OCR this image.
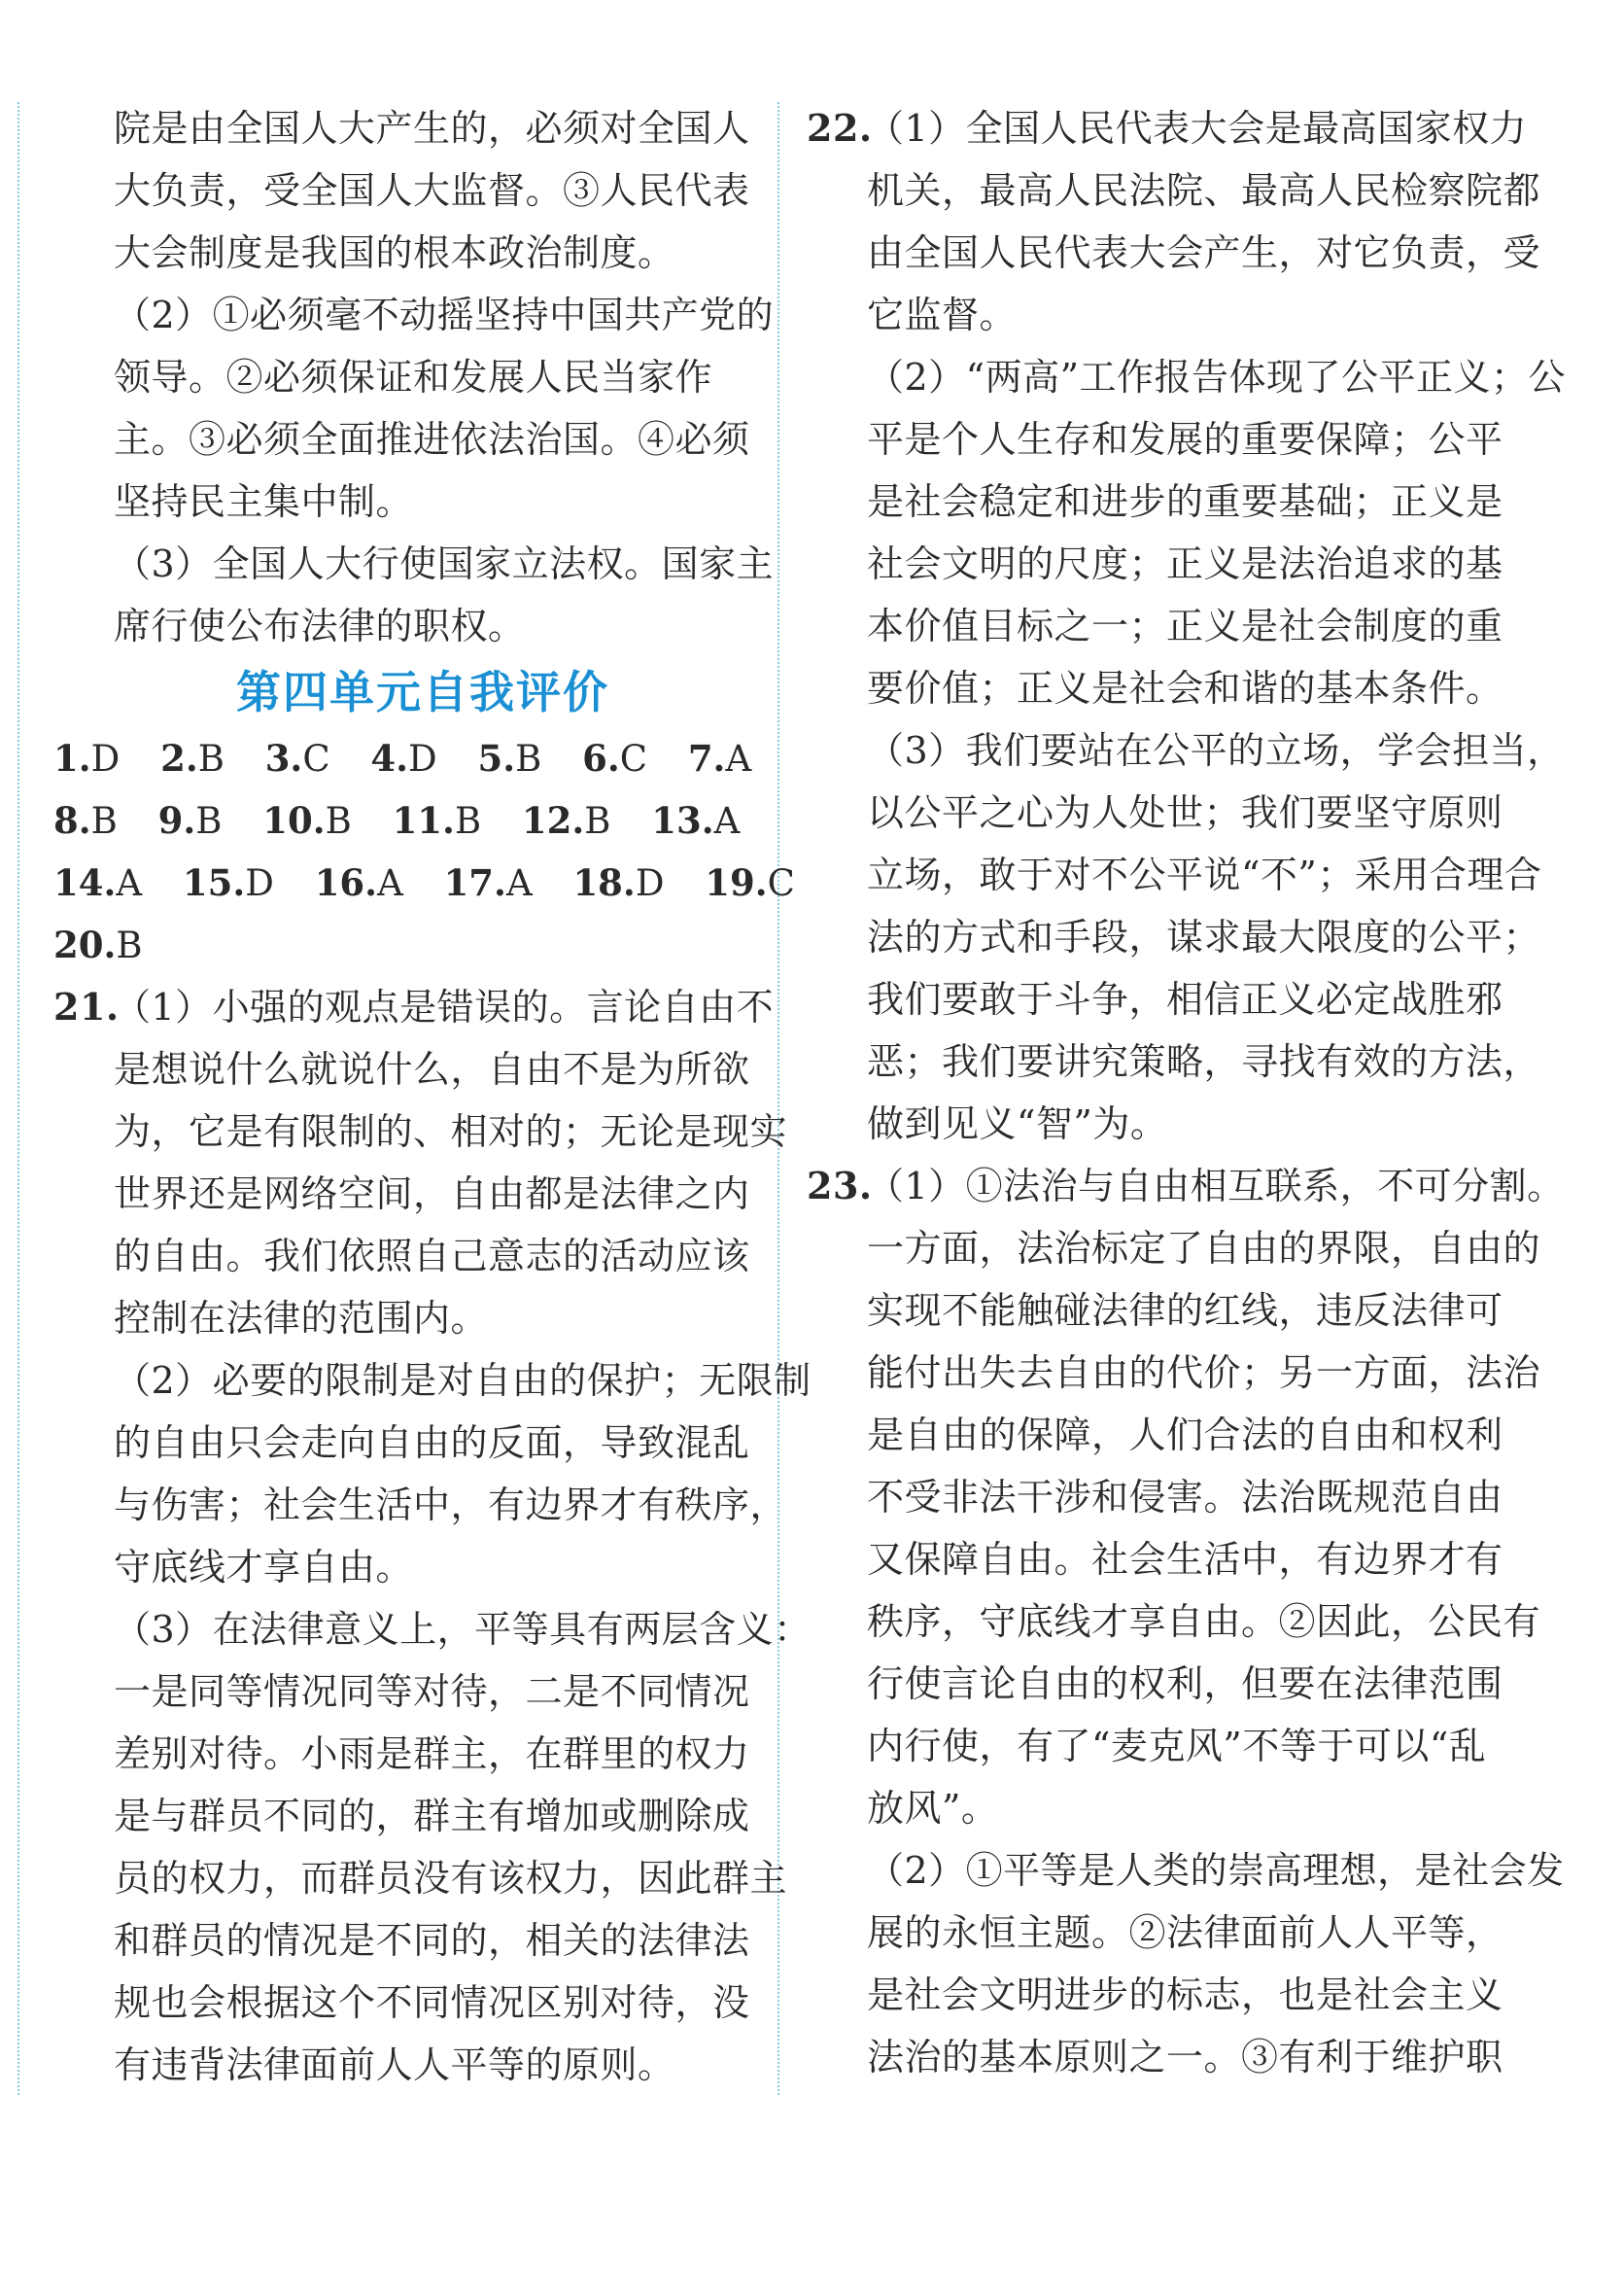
院是由全国人大产生的，必须对全国人
大负责，受全国人大监督。③人民代表
大会制度是我国的根本政治制度。
（2）①必须毫不动摇坚持中国共产党的
领导。②必须保证和发展人民当家作
主。③必须全面推进依法治国。④必须
坚持民主集中制。
（3）全国人大行使国家立法权。国家主
席行使公布法律的职权。
第四单元自我评价
1.D 2.B 3.C 4.D 5.B 6.C 7.A
8.B 9.B 10.B 11.B 12.B 13.A
14.A 15.D 16.A 17.A 18.D 19.C
20.B
21.（1）小强的观点是错误的。言论自由不
是想说什么就说什么，自由不是为所欲
为，它是有限制的、相对的；无论是现实
世界还是网络空间，自由都是法律之内
的自由。我们依照自己意志的活动应该
控制在法律的范围内。
（2）必要的限制是对自由的保护；无限制
的自由只会走向自由的反面，导致混乱
与伤害；社会生活中，有边界才有秩序，
守底线才享自由。
（3）在法律意义上，平等具有两层含义：
一是同等情况同等对待，二是不同情况
差别对待。小雨是群主，在群里的权力
是与群员不同的，群主有增加或删除成
员的权力，而群员没有该权力，因此群主
和群员的情况是不同的，相关的法律法
规也会根据这个不同情况区别对待，没
有违背法律面前人人平等的原则。
22.（1）全国人民代表大会是最高国家权力
机关，最高人民法院、最高人民检察院都
由全国人民代表大会产生，对它负责，受
它监督。
（2）“两高”工作报告体现了公平正义；公
平是个人生存和发展的重要保障；公平
是社会稳定和进步的重要基础；正义是
社会文明的尺度；正义是法治追求的基
本价值目标之一；正义是社会制度的重
要价值；正义是社会和谐的基本条件。
（3）我们要站在公平的立场，学会担当，
以公平之心为人处世；我们要坚守原则
立场，敢于对不公平说“不”；采用合理合
法的方式和手段，谋求最大限度的公平；
我们要敢于斗争，相信正义必定战胜邪
恶；我们要讲究策略，寻找有效的方法，
做到见义“智”为。
23.（1）①法治与自由相互联系，不可分割。
一方面，法治标定了自由的界限，自由的
实现不能触碰法律的红线，违反法律可
能付出失去自由的代价；另一方面，法治
是自由的保障，人们合法的自由和权利
不受非法干涉和侵害。法治既规范自由
又保障自由。社会生活中，有边界才有
秩序，守底线才享自由。②因此，公民有
行使言论自由的权利，但要在法律范围
内行使，有了“麦克风”不等于可以“乱
放风”。
（2）①平等是人类的崇高理想，是社会发
展的永恒主题。②法律面前人人平等，
是社会文明进步的标志，也是社会主义
法治的基本原则之一。③有利于维护职
